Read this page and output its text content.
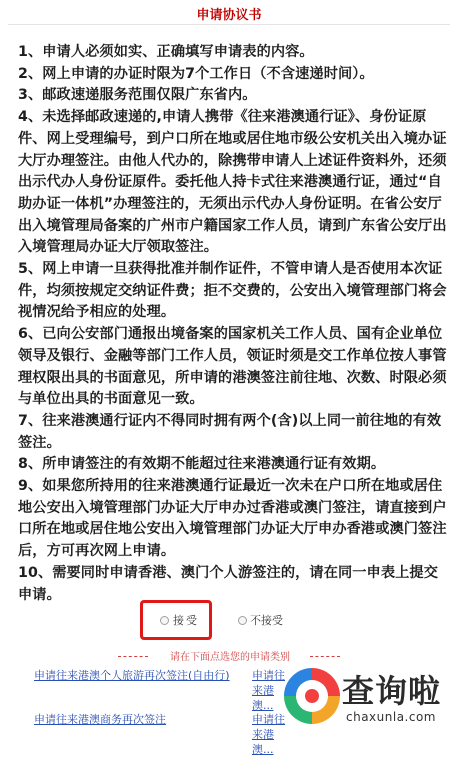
申请协议书
1、申请人必须如实、正确填写申请表的内容。
2、网上申请的办证时限为7个工作日（不含速递时间）。
3、邮政速递服务范围仅限广东省内。
4、未选择邮政速递的,申请人携带《往来港澳通行证》、身份证原件、网上受理编号，到户口所在地或居住地市级公安机关出入境办证大厅办理签注。由他人代办的，除携带申请人上述证件资料外，还须出示代办人身份证原件。委托他人持卡式往来港澳通行证，通过“自助办证一体机”办理签注的，无须出示代办人身份证明。在省公安厅出入境管理局备案的广州市户籍国家工作人员，请到广东省公安厅出入境管理局办证大厅领取签注。
5、网上申请一旦获得批准并制作证件，不管申请人是否使用本次证件，均须按规定交纳证件费；拒不交费的，公安出入境管理部门将会视情况给予相应的处理。
6、已向公安部门通报出境备案的国家机关工作人员、国有企业单位领导及银行、金融等部门工作人员，领证时须是交工作单位按人事管理权限出具的书面意见，所申请的港澳签注前往地、次数、时限必须与单位出具的书面意见一致。
7、往来港澳通行证内不得同时拥有两个(含)以上同一前往地的有效签注。
8、所申请签注的有效期不能超过往来港澳通行证有效期。
9、如果您所持用的往来港澳通行证最近一次未在户口所在地或居住地公安出入境管理部门办证大厅申办过香港或澳门签注，请直接到户口所在地或居住地公安出入境管理部门办证大厅申办香港或澳门签注后，方可再次网上申请。
10、需要同时申请香港、澳门个人游签注的，请在同一申表上提交申请。
接受	不接受
请在下面点选您的申请类别
申请往来港澳个人旅游再次签注(自由行) 申请往来港澳...
申请往来港澳商务再次签注	申请往来港澳...
查询啦
chaxunla.com
